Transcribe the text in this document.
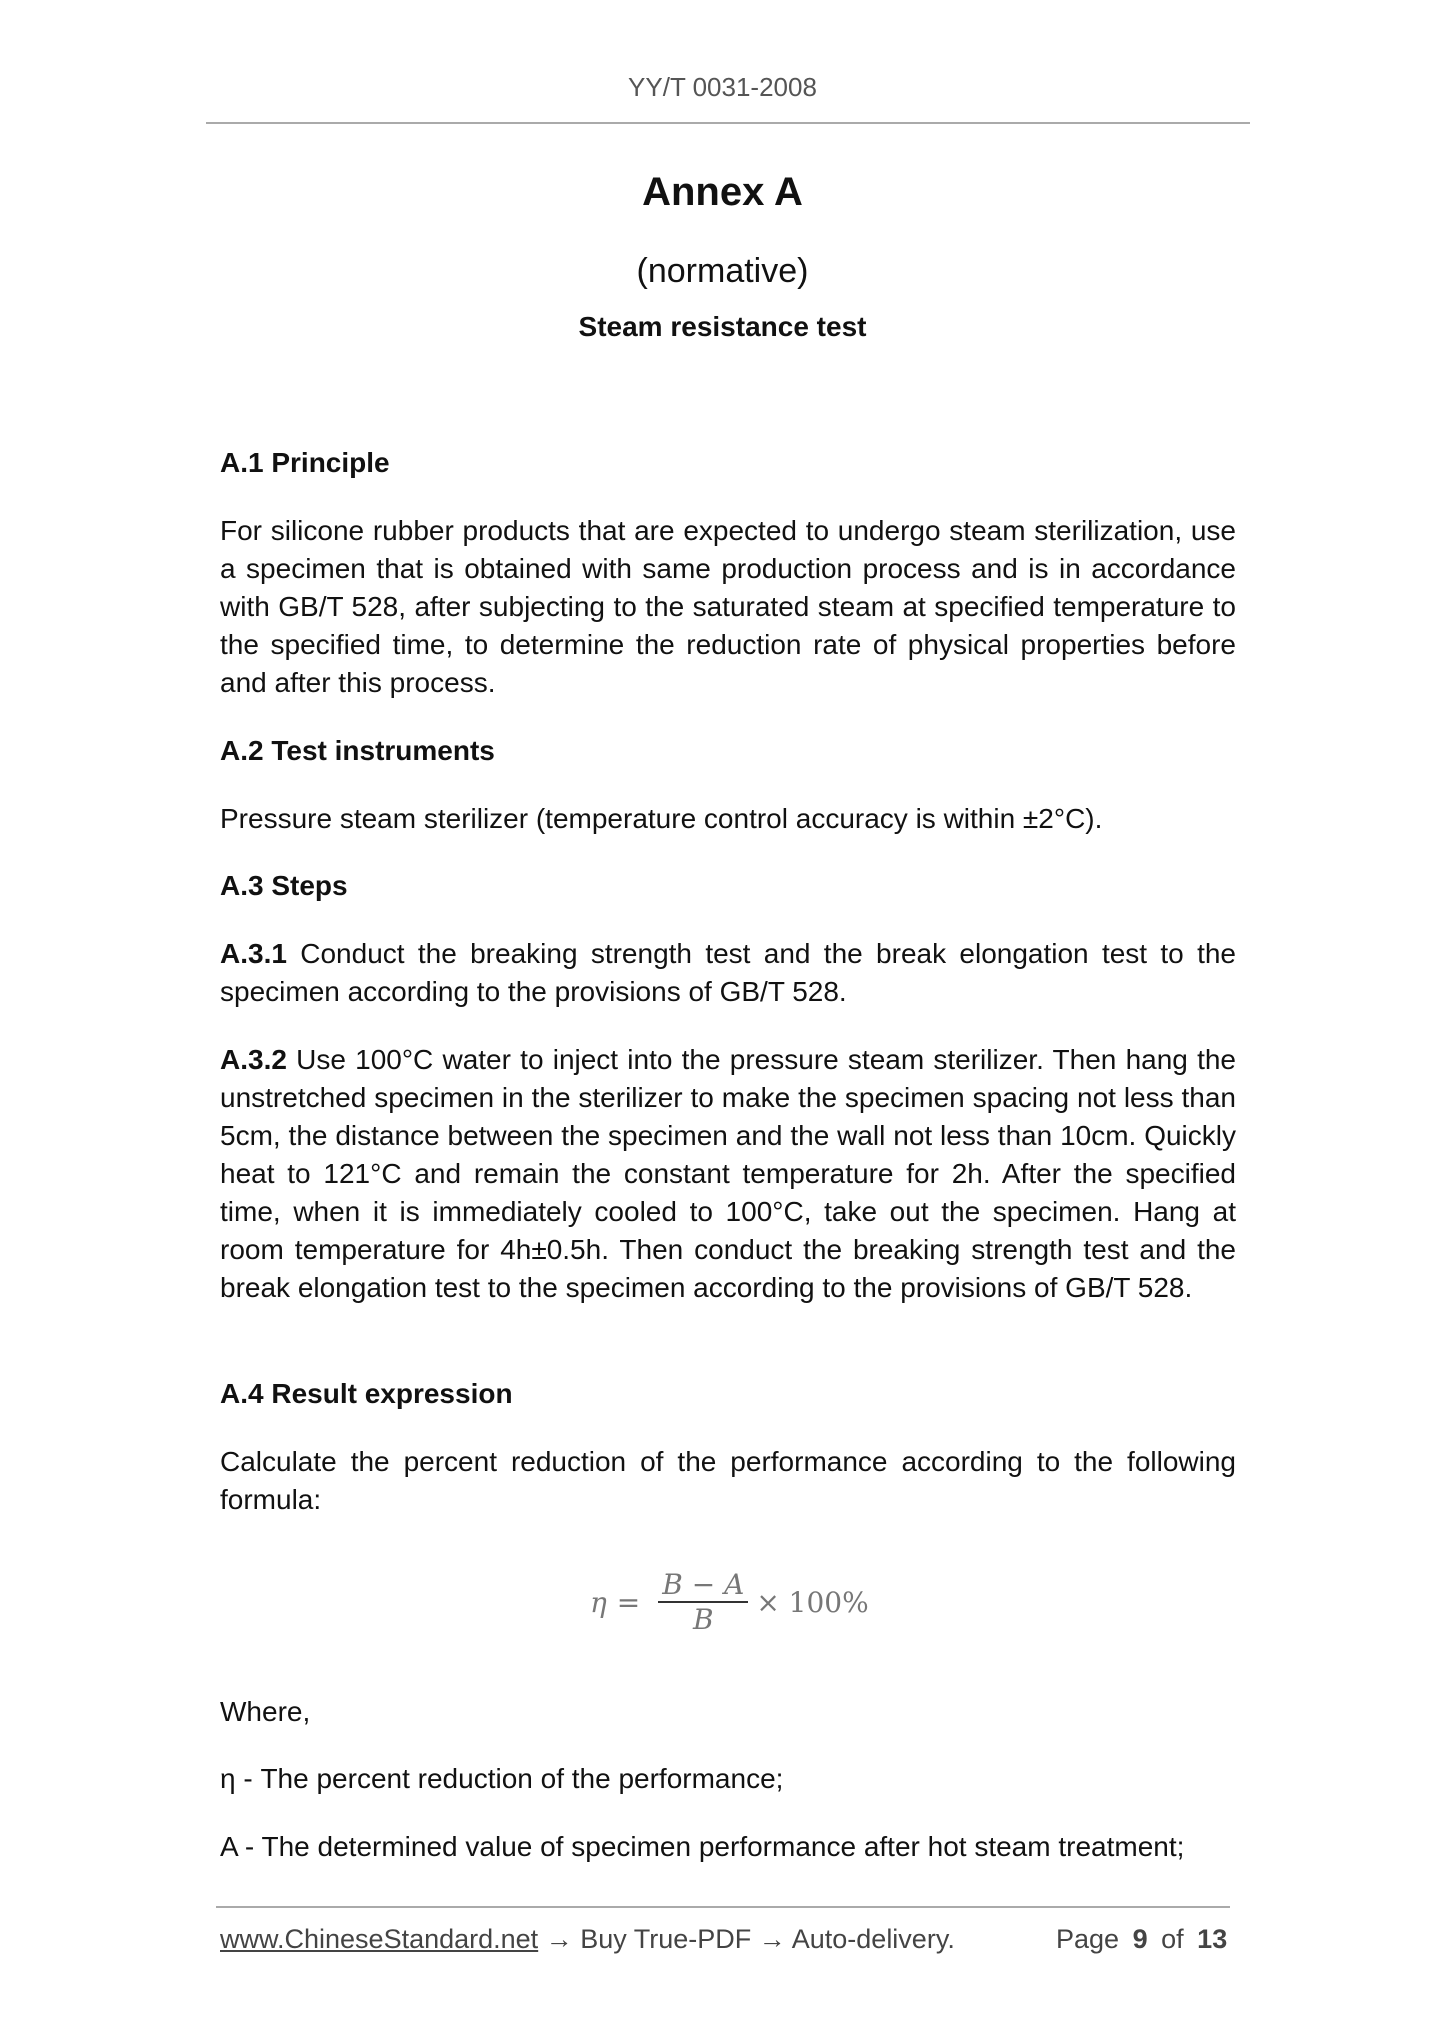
YY/T 0031-2008
Annex A
(normative)
Steam resistance test
A.1 Principle
For silicone rubber products that are expected to undergo steam sterilization, use a specimen that is obtained with same production process and is in accordance with GB/T 528, after subjecting to the saturated steam at specified temperature to the specified time, to determine the reduction rate of physical properties before and after this process.
A.2 Test instruments
Pressure steam sterilizer (temperature control accuracy is within ±2°C).
A.3 Steps
A.3.1 Conduct the breaking strength test and the break elongation test to the specimen according to the provisions of GB/T 528.
A.3.2 Use 100°C water to inject into the pressure steam sterilizer. Then hang the unstretched specimen in the sterilizer to make the specimen spacing not less than 5cm, the distance between the specimen and the wall not less than 10cm. Quickly heat to 121°C and remain the constant temperature for 2h. After the specified time, when it is immediately cooled to 100°C, take out the specimen. Hang at room temperature for 4h±0.5h. Then conduct the breaking strength test and the break elongation test to the specimen according to the provisions of GB/T 528.
A.4 Result expression
Calculate the percent reduction of the performance according to the following formula:
$\eta = \frac{B - A}{B} \times 100\%$
Where,
η - The percent reduction of the performance;
A - The determined value of specimen performance after hot steam treatment;
www.ChineseStandard.net → Buy True-PDF → Auto-delivery.	Page 9 of 13
